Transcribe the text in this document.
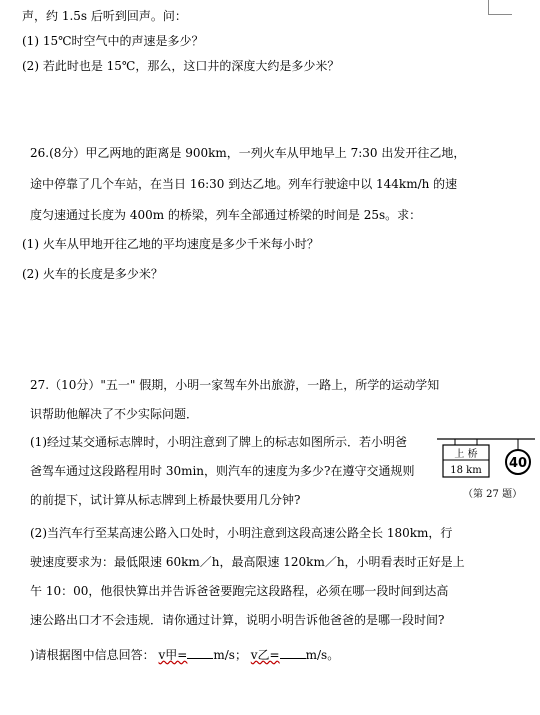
声，约 1.5s 后听到回声。问：
(1) 15℃时空气中的声速是多少？
(2) 若此时也是 15℃，那么，这口井的深度大约是多少米？
26.(8分）甲乙两地的距离是 900km，一列火车从甲地早上 7:30 出发开往乙地，
途中停靠了几个车站，在当日 16:30 到达乙地。列车行驶途中以 144km/h 的速
度匀速通过长度为 400m 的桥梁，列车全部通过桥梁的时间是 25s。求：
(1) 火车从甲地开往乙地的平均速度是多少千米每小时？
(2) 火车的长度是多少米？
27.（10分）"五一" 假期，小明一家驾车外出旅游，一路上，所学的运动学知
识帮助他解决了不少实际问题．
(1)经过某交通标志牌时，小明注意到了牌上的标志如图所示．若小明爸
爸驾车通过这段路程用时 30min，则汽车的速度为多少?在遵守交通规则
的前提下，试计算从标志牌到上桥最快要用几分钟?
(2)当汽车行至某高速公路入口处时，小明注意到这段高速公路全长 180km，行
驶速度要求为：最低限速 60km／h，最高限速 120km／h，小明看表时正好是上
午 10：00，他很快算出并告诉爸爸要跑完这段路程，必须在哪一段时间到达高
速公路出口才不会违规．请你通过计算，说明小明告诉他爸爸的是哪一段时间?
)请根据图中信息回答： v甲= m/s； v乙= m/s。
上 桥
18 km 40
（第 27 题）
